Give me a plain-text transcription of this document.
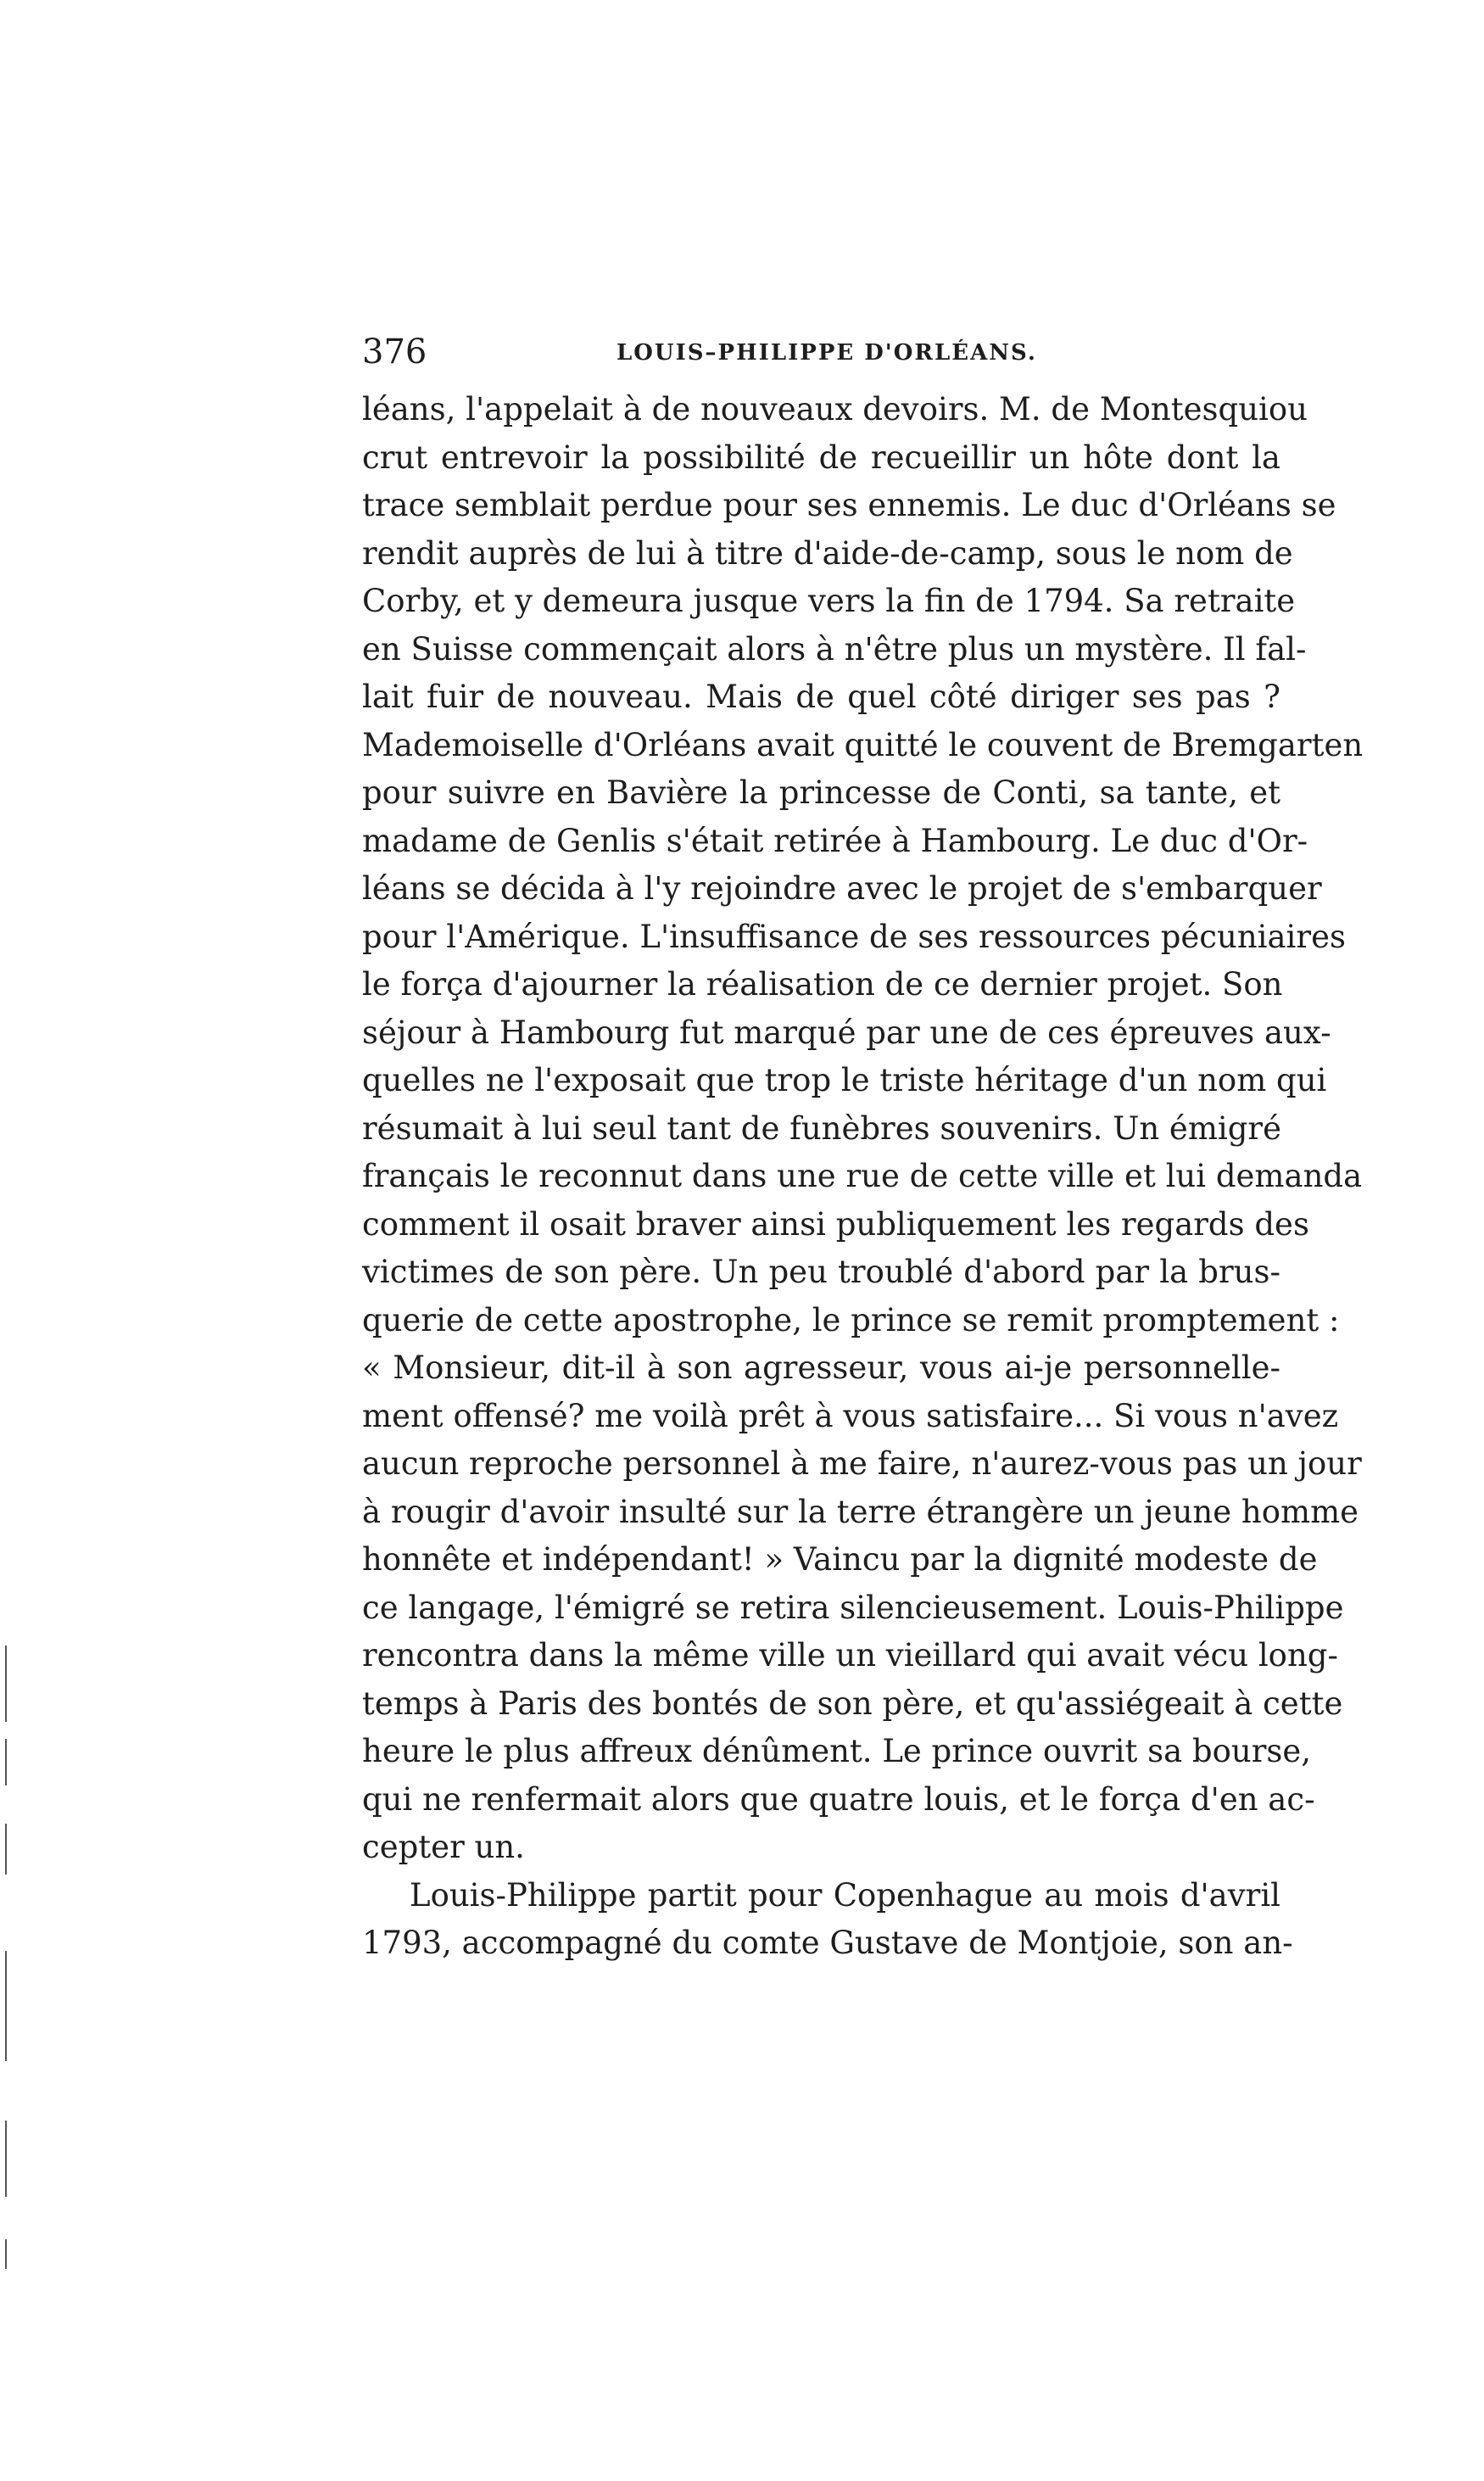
376	LOUIS–PHILIPPE D'ORLÉANS.
léans, l'appelait à de nouveaux devoirs. M. de Montesquiou
crut entrevoir la possibilité de recueillir un hôte dont la
trace semblait perdue pour ses ennemis. Le duc d'Orléans se
rendit auprès de lui à titre d'aide-de-camp, sous le nom de
Corby, et y demeura jusque vers la fin de 1794. Sa retraite
en Suisse commençait alors à n'être plus un mystère. Il fal-
lait fuir de nouveau. Mais de quel côté diriger ses pas ?
Mademoiselle d'Orléans avait quitté le couvent de Bremgarten
pour suivre en Bavière la princesse de Conti, sa tante, et
madame de Genlis s'était retirée à Hambourg. Le duc d'Or-
léans se décida à l'y rejoindre avec le projet de s'embarquer
pour l'Amérique. L'insuffisance de ses ressources pécuniaires
le força d'ajourner la réalisation de ce dernier projet. Son
séjour à Hambourg fut marqué par une de ces épreuves aux-
quelles ne l'exposait que trop le triste héritage d'un nom qui
résumait à lui seul tant de funèbres souvenirs. Un émigré
français le reconnut dans une rue de cette ville et lui demanda
comment il osait braver ainsi publiquement les regards des
victimes de son père. Un peu troublé d'abord par la brus-
querie de cette apostrophe, le prince se remit promptement :
« Monsieur, dit-il à son agresseur, vous ai-je personnelle-
ment offensé? me voilà prêt à vous satisfaire... Si vous n'avez
aucun reproche personnel à me faire, n'aurez-vous pas un jour
à rougir d'avoir insulté sur la terre étrangère un jeune homme
honnête et indépendant! » Vaincu par la dignité modeste de
ce langage, l'émigré se retira silencieusement. Louis-Philippe
rencontra dans la même ville un vieillard qui avait vécu long-
temps à Paris des bontés de son père, et qu'assiégeait à cette
heure le plus affreux dénûment. Le prince ouvrit sa bourse,
qui ne renfermait alors que quatre louis, et le força d'en ac-
cepter un.
Louis-Philippe partit pour Copenhague au mois d'avril
1793, accompagné du comte Gustave de Montjoie, son an-
